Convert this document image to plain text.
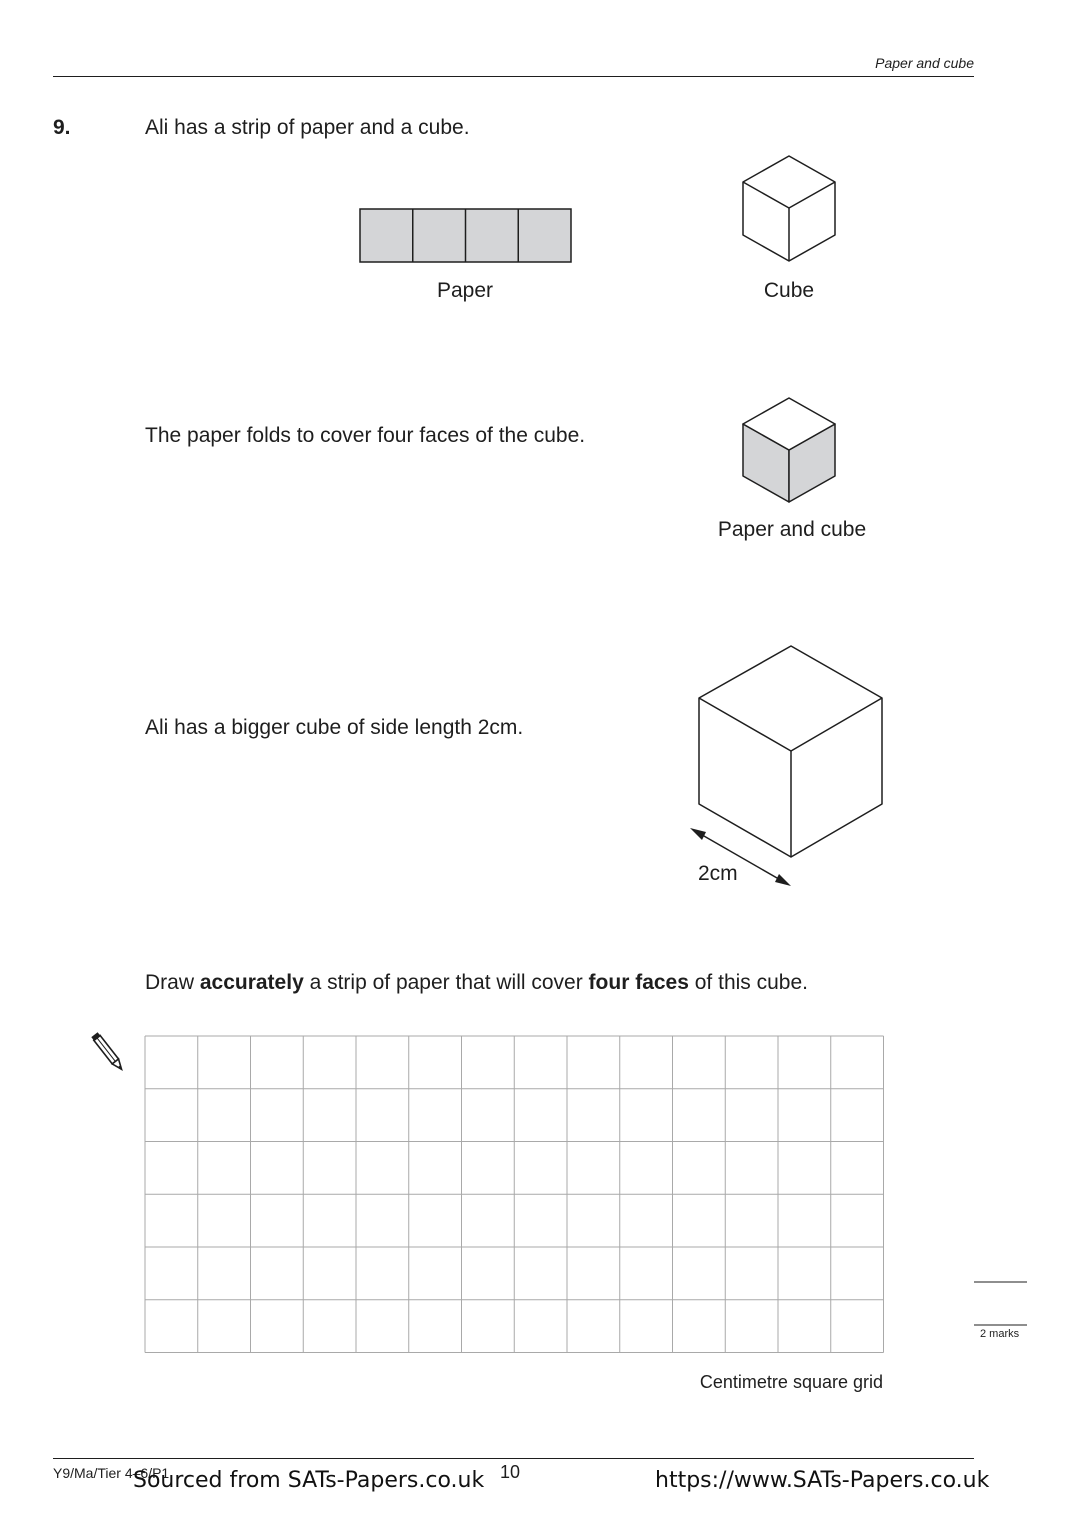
Paper and cube
9.	Ali has a strip of paper and a cube.
Paper	Cube
The paper folds to cover four faces of the cube.
Paper and cube
Ali has a bigger cube of side length 2cm.
2cm
Draw accurately a strip of paper that will cover four faces of this cube.
2 marks
Centimetre square grid
Y9/Ma/Tier 4–6/P1	10
Sourced from SATs-Papers.co.uk	https://www.SATs-Papers.co.uk
